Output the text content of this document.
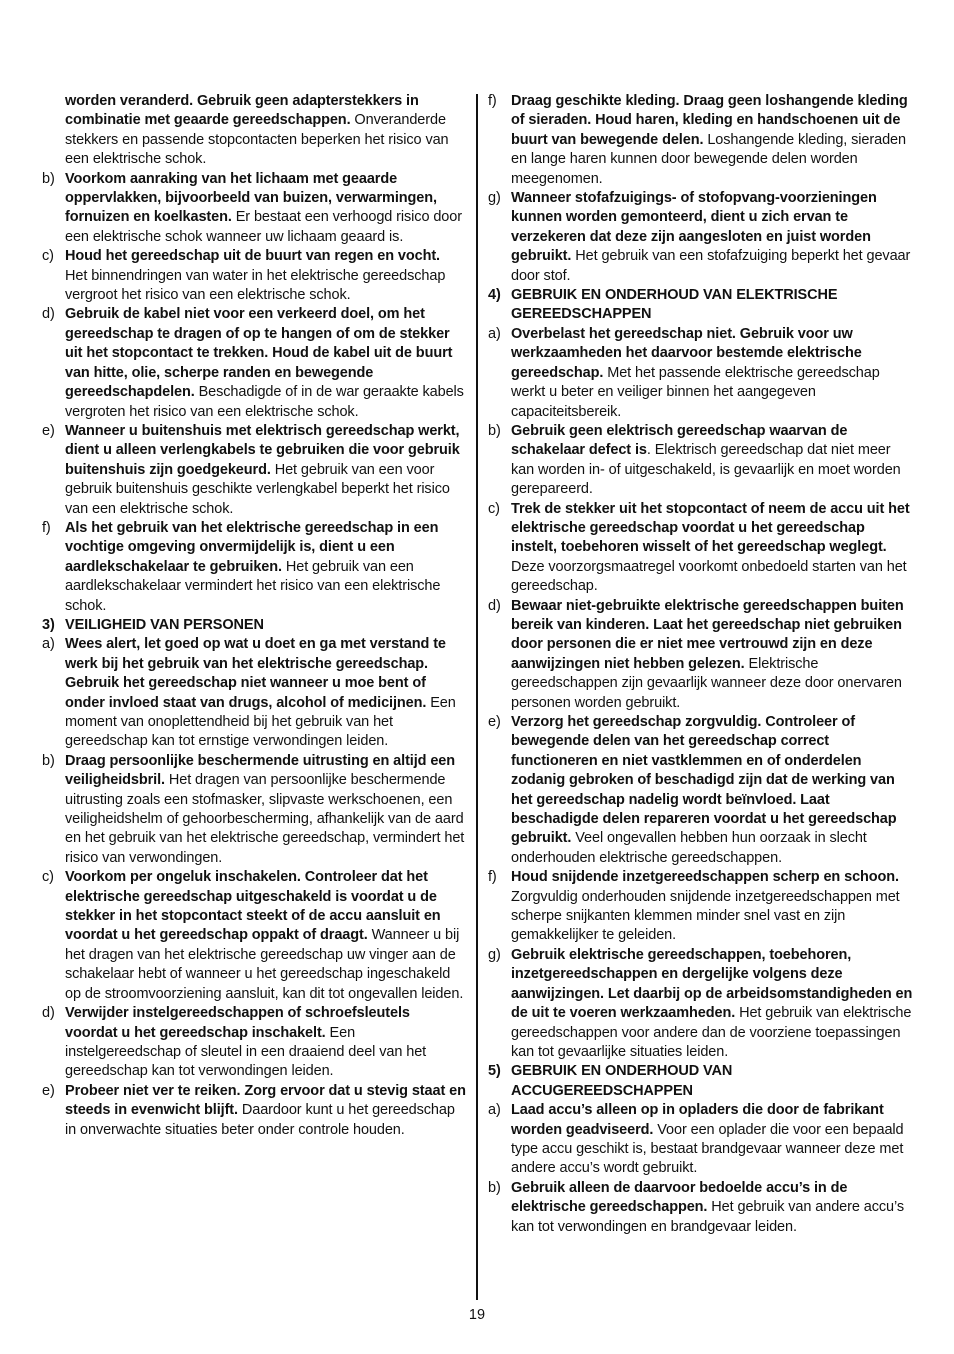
worden veranderd. Gebruik geen adapterstekkers in combinatie met geaarde gereedschappen. Onveranderde stekkers en passende stopcontacten beperken het risico van een elektrische schok.
b) Voorkom aanraking van het lichaam met geaarde oppervlakken, bijvoorbeeld van buizen, verwarmingen, fornuizen en koelkasten. Er bestaat een verhoogd risico door een elektrische schok wanneer uw lichaam geaard is.
c) Houd het gereedschap uit de buurt van regen en vocht. Het binnendringen van water in het elektrische gereedschap vergroot het risico van een elektrische schok.
d) Gebruik de kabel niet voor een verkeerd doel, om het gereedschap te dragen of op te hangen of om de stekker uit het stopcontact te trekken. Houd de kabel uit de buurt van hitte, olie, scherpe randen en bewegende gereedschapdelen. Beschadigde of in de war geraakte kabels vergroten het risico van een elektrische schok.
e) Wanneer u buitenshuis met elektrisch gereedschap werkt, dient u alleen verlengkabels te gebruiken die voor gebruik buitenshuis zijn goedgekeurd. Het gebruik van een voor gebruik buitenshuis geschikte verlengkabel beperkt het risico van een elektrische schok.
f) Als het gebruik van het elektrische gereedschap in een vochtige omgeving onvermijdelijk is, dient u een aardlekschakelaar te gebruiken. Het gebruik van een aardlekschakelaar vermindert het risico van een elektrische schok.
3) VEILIGHEID VAN PERSONEN
a) Wees alert, let goed op wat u doet en ga met verstand te werk bij het gebruik van het elektrische gereedschap. Gebruik het gereedschap niet wanneer u moe bent of onder invloed staat van drugs, alcohol of medicijnen. Een moment van onoplettendheid bij het gebruik van het gereedschap kan tot ernstige verwondingen leiden.
b) Draag persoonlijke beschermende uitrusting en altijd een veiligheidsbril. Het dragen van persoonlijke beschermende uitrusting zoals een stofmasker, slipvaste werkschoenen, een veiligheidshelm of gehoorbescherming, afhankelijk van de aard en het gebruik van het elektrische gereedschap, vermindert het risico van verwondingen.
c) Voorkom per ongeluk inschakelen. Controleer dat het elektrische gereedschap uitgeschakeld is voordat u de stekker in het stopcontact steekt of de accu aansluit en voordat u het gereedschap oppakt of draagt. Wanneer u bij het dragen van het elektrische gereedschap uw vinger aan de schakelaar hebt of wanneer u het gereedschap ingeschakeld op de stroomvoorziening aansluit, kan dit tot ongevallen leiden.
d) Verwijder instelgereedschappen of schroefsleutels voordat u het gereedschap inschakelt. Een instelgereedschap of sleutel in een draaiend deel van het gereedschap kan tot verwondingen leiden.
e) Probeer niet ver te reiken. Zorg ervoor dat u stevig staat en steeds in evenwicht blijft. Daardoor kunt u het gereedschap in onverwachte situaties beter onder controle houden.
f) Draag geschikte kleding. Draag geen loshangende kleding of sieraden. Houd haren, kleding en handschoenen uit de buurt van bewegende delen. Loshangende kleding, sieraden en lange haren kunnen door bewegende delen worden meegenomen.
g) Wanneer stofafzuigings- of stofopvang-voorzieningen kunnen worden gemonteerd, dient u zich ervan te verzekeren dat deze zijn aangesloten en juist worden gebruikt. Het gebruik van een stofafzuiging beperkt het gevaar door stof.
4) GEBRUIK EN ONDERHOUD VAN ELEKTRISCHE GEREEDSCHAPPEN
a) Overbelast het gereedschap niet. Gebruik voor uw werkzaamheden het daarvoor bestemde elektrische gereedschap. Met het passende elektrische gereedschap werkt u beter en veiliger binnen het aangegeven capaciteitsbereik.
b) Gebruik geen elektrisch gereedschap waarvan de schakelaar defect is. Elektrisch gereedschap dat niet meer kan worden in- of uitgeschakeld, is gevaarlijk en moet worden gerepareerd.
c) Trek de stekker uit het stopcontact of neem de accu uit het elektrische gereedschap voordat u het gereedschap instelt, toebehoren wisselt of het gereedschap weglegt. Deze voorzorgsmaatregel voorkomt onbedoeld starten van het gereedschap.
d) Bewaar niet-gebruikte elektrische gereedschappen buiten bereik van kinderen. Laat het gereedschap niet gebruiken door personen die er niet mee vertrouwd zijn en deze aanwijzingen niet hebben gelezen. Elektrische gereedschappen zijn gevaarlijk wanneer deze door onervaren personen worden gebruikt.
e) Verzorg het gereedschap zorgvuldig. Controleer of bewegende delen van het gereedschap correct functioneren en niet vastklemmen en of onderdelen zodanig gebroken of beschadigd zijn dat de werking van het gereedschap nadelig wordt beïnvloed. Laat beschadigde delen repareren voordat u het gereedschap gebruikt. Veel ongevallen hebben hun oorzaak in slecht onderhouden elektrische gereedschappen.
f) Houd snijdende inzetgereedschappen scherp en schoon. Zorgvuldig onderhouden snijdende inzetgereedschappen met scherpe snijkanten klemmen minder snel vast en zijn gemakkelijker te geleiden.
g) Gebruik elektrische gereedschappen, toebehoren, inzetgereedschappen en dergelijke volgens deze aanwijzingen. Let daarbij op de arbeidsomstandigheden en de uit te voeren werkzaamheden. Het gebruik van elektrische gereedschappen voor andere dan de voorziene toepassingen kan tot gevaarlijke situaties leiden.
5) GEBRUIK EN ONDERHOUD VAN ACCUGEREEDSCHAPPEN
a) Laad accu’s alleen op in opladers die door de fabrikant worden geadviseerd. Voor een oplader die voor een bepaald type accu geschikt is, bestaat brandgevaar wanneer deze met andere accu’s wordt gebruikt.
b) Gebruik alleen de daarvoor bedoelde accu’s in de elektrische gereedschappen. Het gebruik van andere accu’s kan tot verwondingen en brandgevaar leiden.
19
